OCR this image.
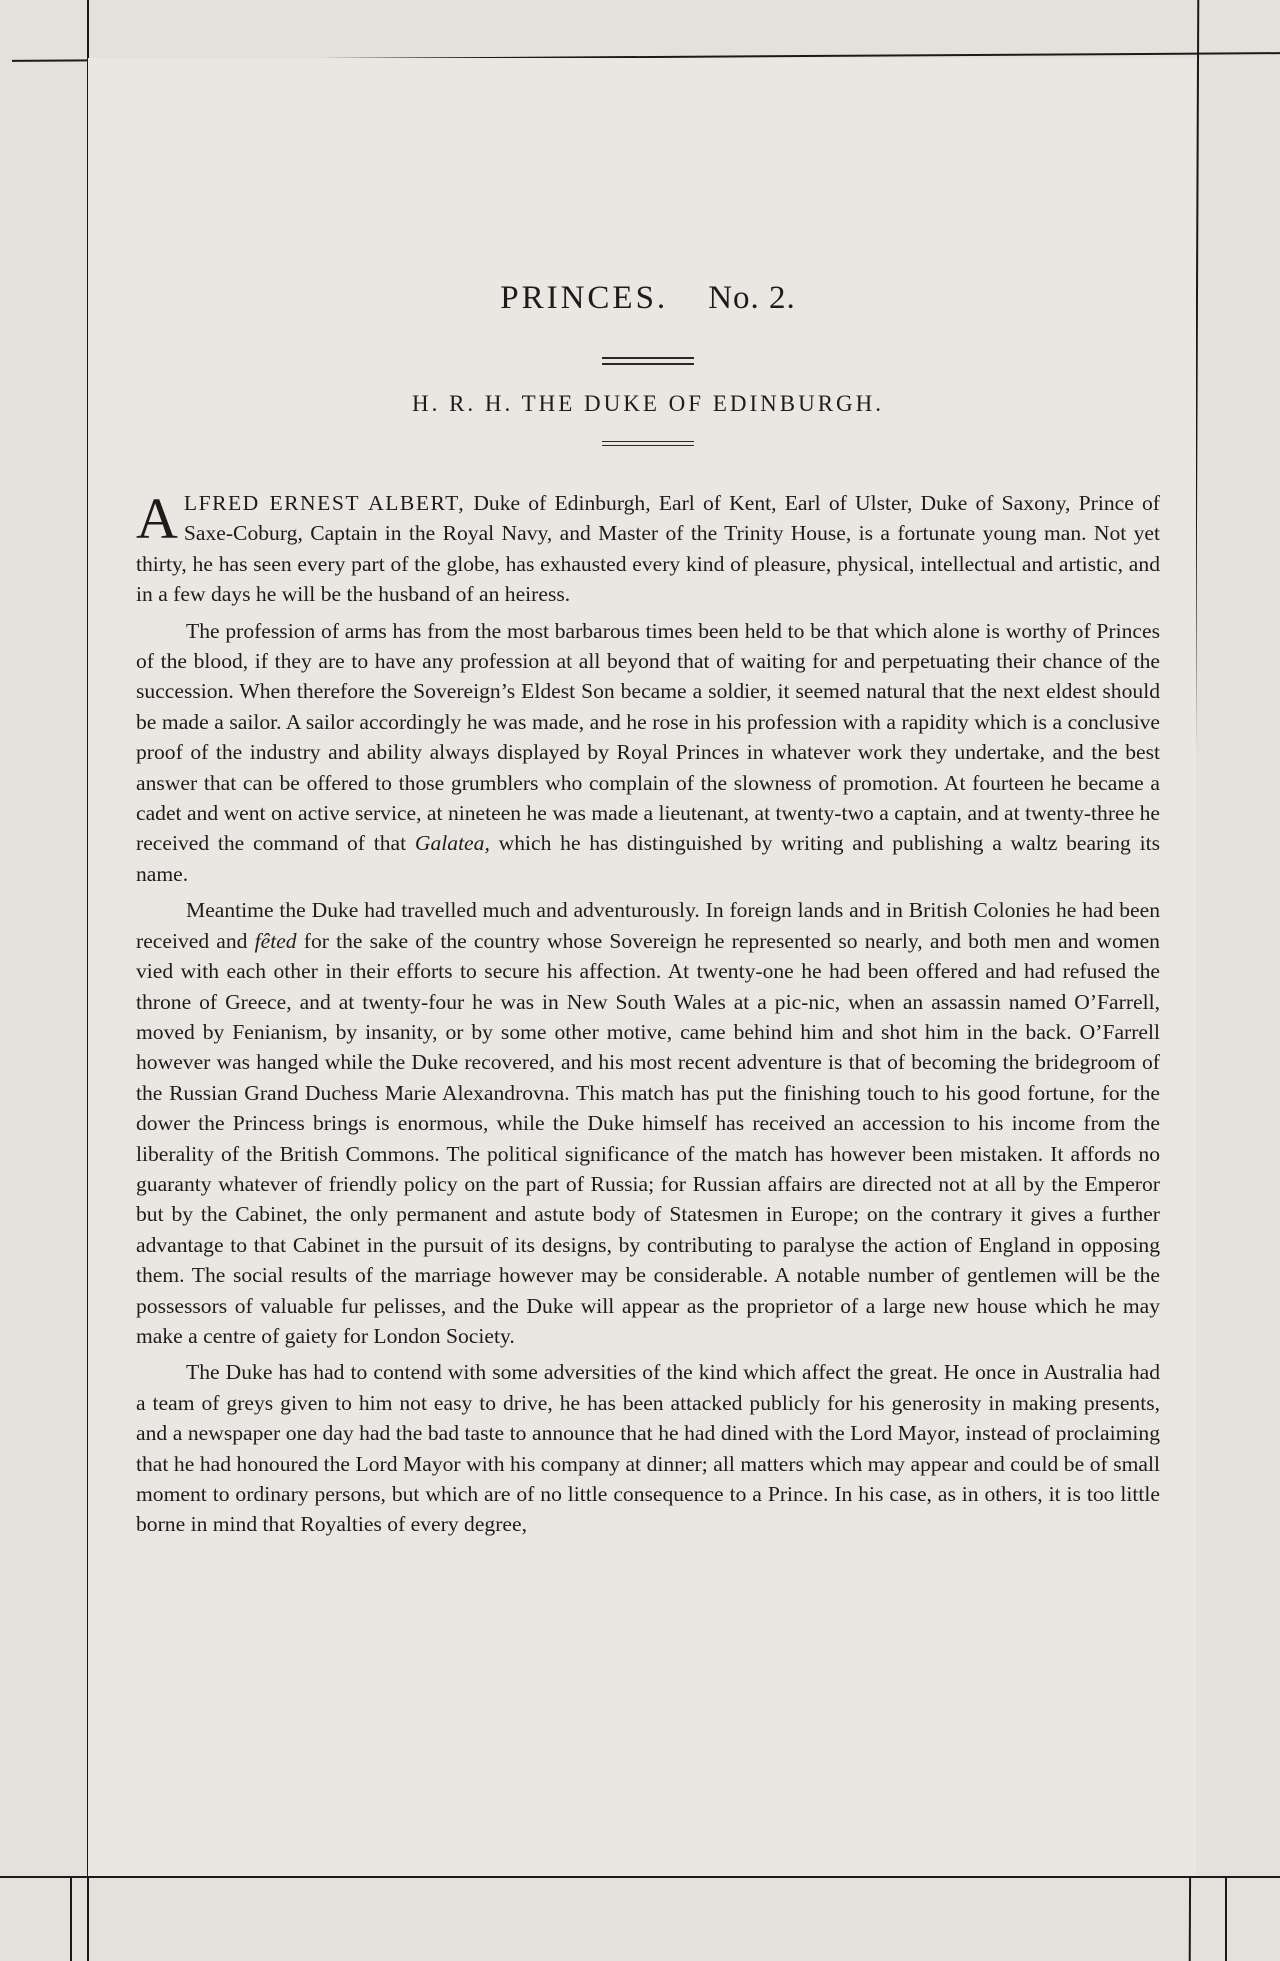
PRINCES. No. 2.
H. R. H. THE DUKE OF EDINBURGH.

ALFRED ERNEST ALBERT, Duke of Edinburgh, Earl of Kent, Earl of Ulster, Duke of Saxony, Prince of Saxe-Coburg, Captain in the Royal Navy, and Master of the Trinity House, is a fortunate young man. Not yet thirty, he has seen every part of the globe, has exhausted every kind of pleasure, physical, intellectual and artistic, and in a few days he will be the husband of an heiress.

The profession of arms has from the most barbarous times been held to be that which alone is worthy of Princes of the blood, if they are to have any profession at all beyond that of waiting for and perpetuating their chance of the succession. When therefore the Sovereign’s Eldest Son became a soldier, it seemed natural that the next eldest should be made a sailor. A sailor accordingly he was made, and he rose in his profession with a rapidity which is a conclusive proof of the industry and ability always displayed by Royal Princes in whatever work they undertake, and the best answer that can be offered to those grumblers who complain of the slowness of promotion. At fourteen he became a cadet and went on active service, at nineteen he was made a lieutenant, at twenty-two a captain, and at twenty-three he received the command of that Galatea, which he has distinguished by writing and publishing a waltz bearing its name.

Meantime the Duke had travelled much and adventurously. In foreign lands and in British Colonies he had been received and fêted for the sake of the country whose Sovereign he represented so nearly, and both men and women vied with each other in their efforts to secure his affection. At twenty-one he had been offered and had refused the throne of Greece, and at twenty-four he was in New South Wales at a pic-nic, when an assassin named O’Farrell, moved by Fenianism, by insanity, or by some other motive, came behind him and shot him in the back. O’Farrell however was hanged while the Duke recovered, and his most recent adventure is that of becoming the bridegroom of the Russian Grand Duchess Marie Alexandrovna. This match has put the finishing touch to his good fortune, for the dower the Princess brings is enormous, while the Duke himself has received an accession to his income from the liberality of the British Commons. The political significance of the match has however been mistaken. It affords no guaranty whatever of friendly policy on the part of Russia; for Russian affairs are directed not at all by the Emperor but by the Cabinet, the only permanent and astute body of Statesmen in Europe; on the contrary it gives a further advantage to that Cabinet in the pursuit of its designs, by contributing to paralyse the action of England in opposing them. The social results of the marriage however may be considerable. A notable number of gentlemen will be the possessors of valuable fur pelisses, and the Duke will appear as the proprietor of a large new house which he may make a centre of gaiety for London Society.

The Duke has had to contend with some adversities of the kind which affect the great. He once in Australia had a team of greys given to him not easy to drive, he has been attacked publicly for his generosity in making presents, and a newspaper one day had the bad taste to announce that he had dined with the Lord Mayor, instead of proclaiming that he had honoured the Lord Mayor with his company at dinner; all matters which may appear and could be of small moment to ordinary persons, but which are of no little consequence to a Prince. In his case, as in others, it is too little borne in mind that Royalties of every degree,
